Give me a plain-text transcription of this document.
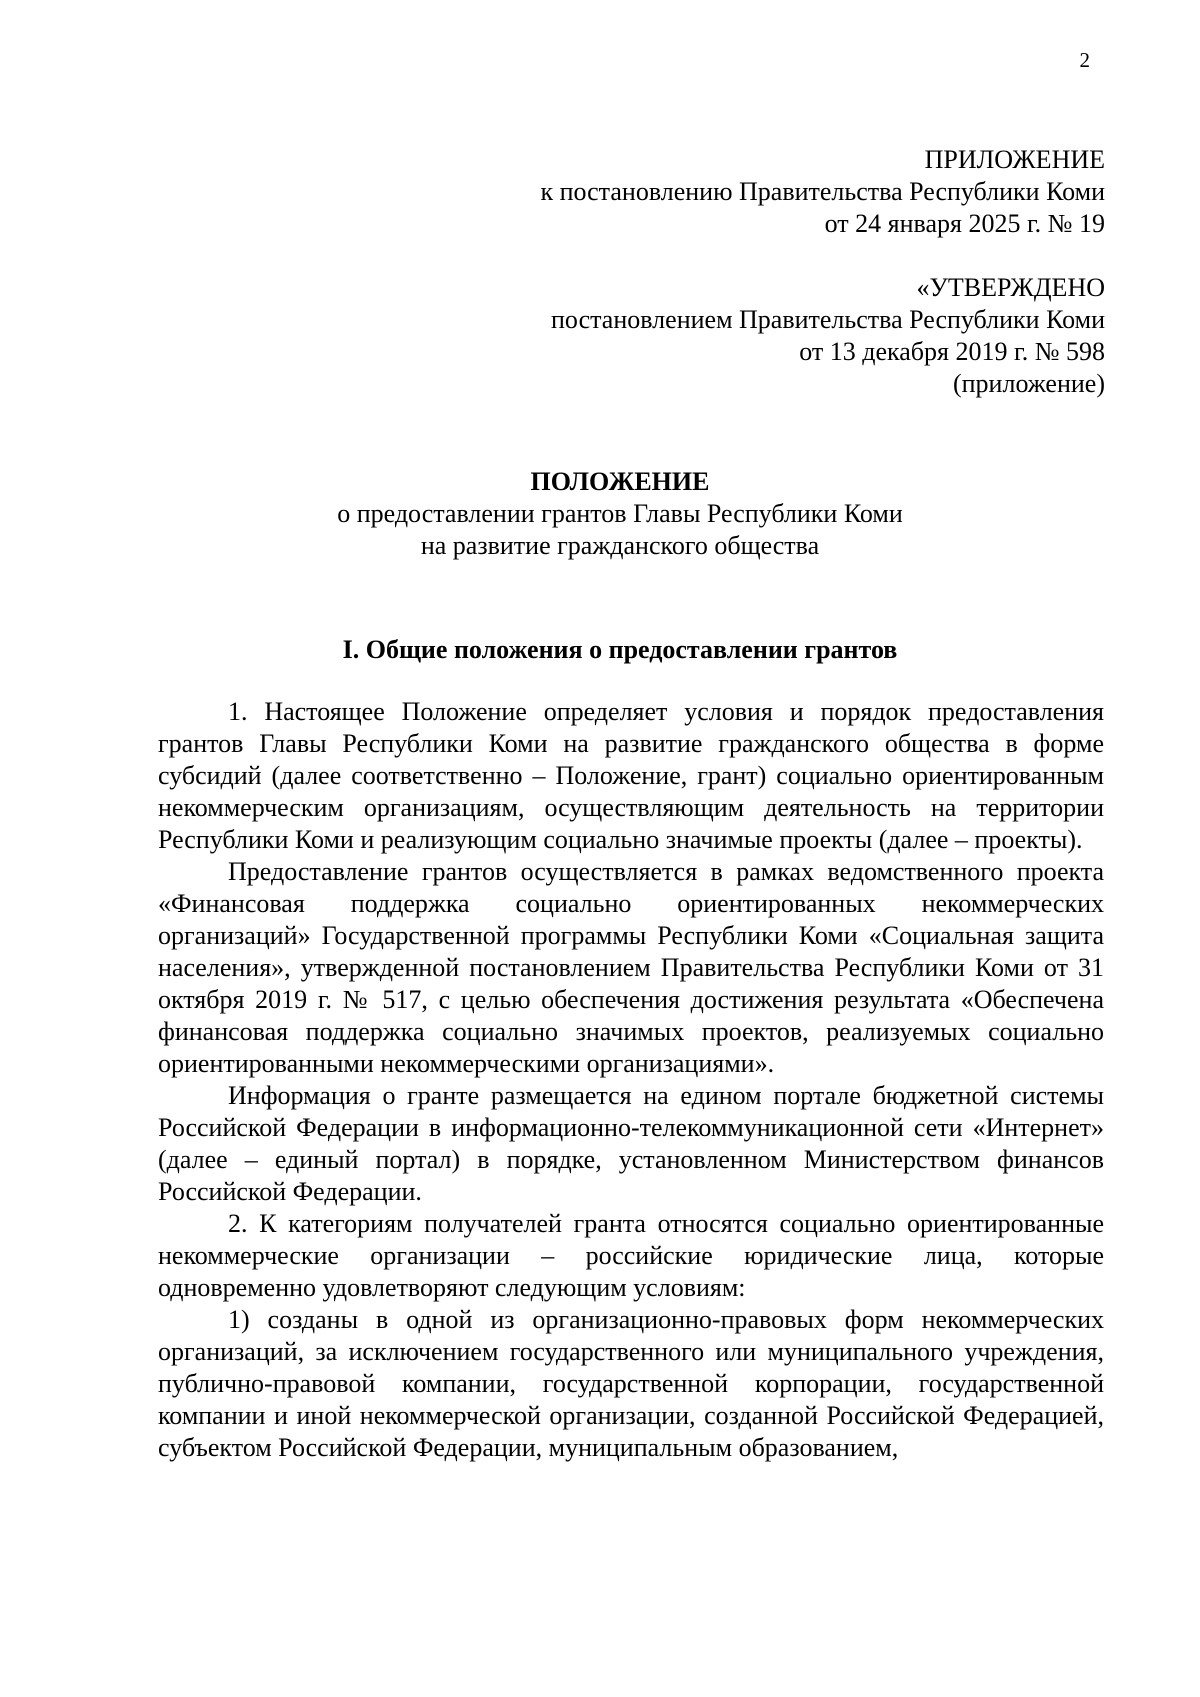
2
ПРИЛОЖЕНИЕ
к постановлению Правительства Республики Коми
от 24 января 2025 г. № 19
«УТВЕРЖДЕНО
постановлением Правительства Республики Коми
от 13 декабря 2019 г. № 598
(приложение)
ПОЛОЖЕНИЕ
о предоставлении грантов Главы Республики Коми
на развитие гражданского общества
I. Общие положения о предоставлении грантов

1. Настоящее Положение определяет условия и порядок предоставления грантов Главы Республики Коми на развитие гражданского общества в форме субсидий (далее соответственно – Положение, грант) социально ориентированным некоммерческим организациям, осуществляющим деятельность на территории Республики Коми и реализующим социально значимые проекты (далее – проекты).

Предоставление грантов осуществляется в рамках ведомственного проекта «Финансовая поддержка социально ориентированных некоммерческих организаций» Государственной программы Республики Коми «Социальная защита населения», утвержденной постановлением Правительства Республики Коми от 31 октября 2019 г. № 517, с целью обеспечения достижения результата «Обеспечена финансовая поддержка социально значимых проектов, реализуемых социально ориентированными некоммерческими организациями».

Информация о гранте размещается на едином портале бюджетной системы Российской Федерации в информационно-телекоммуникационной сети «Интернет» (далее – единый портал) в порядке, установленном Министерством финансов Российской Федерации.

2. К категориям получателей гранта относятся социально ориентированные некоммерческие организации – российские юридические лица, которые одновременно удовлетворяют следующим условиям:

1) созданы в одной из организационно-правовых форм некоммерческих организаций, за исключением государственного или муниципального учреждения, публично-правовой компании, государственной корпорации, государственной компании и иной некоммерческой организации, созданной Российской Федерацией, субъектом Российской Федерации, муниципальным образованием,
